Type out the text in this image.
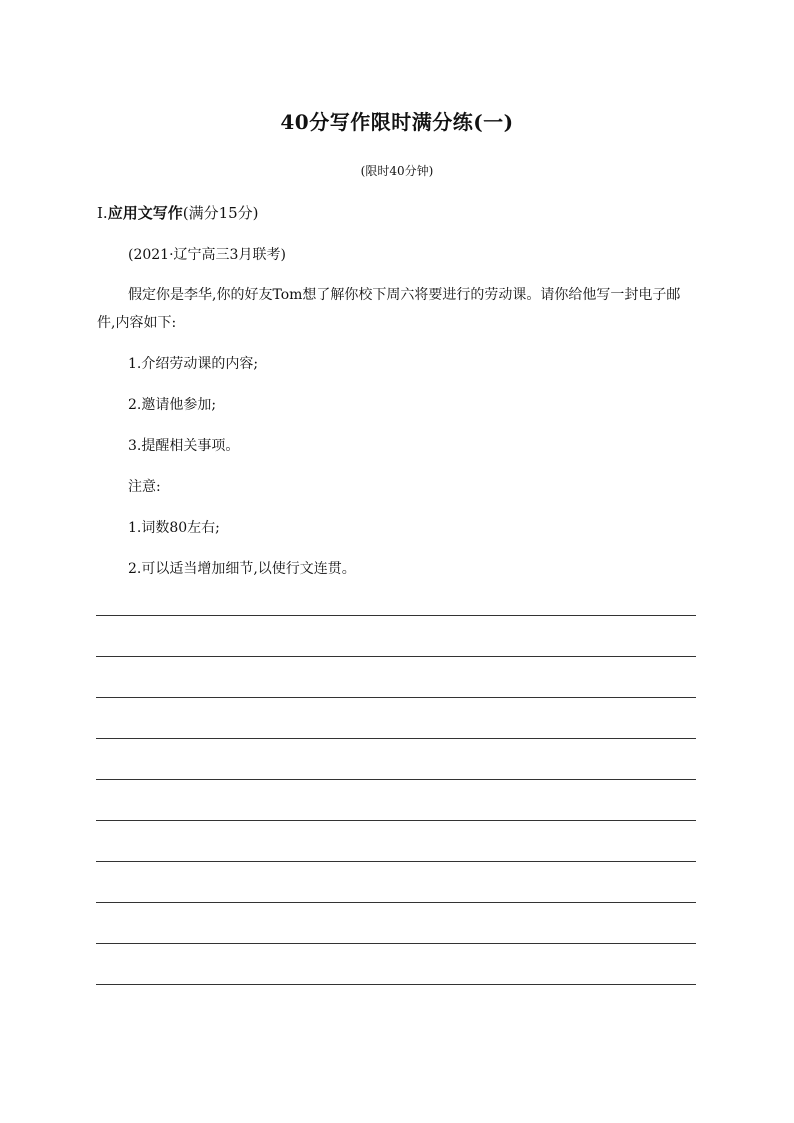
40分写作限时满分练(一)
(限时40分钟)
Ⅰ.应用文写作(满分15分)
(2021·辽宁高三3月联考)
假定你是李华,你的好友Tom想了解你校下周六将要进行的劳动课。请你给他写一封电子邮件,内容如下:
1.介绍劳动课的内容;
2.邀请他参加;
3.提醒相关事项。
注意:
1.词数80左右;
2.可以适当增加细节,以使行文连贯。
